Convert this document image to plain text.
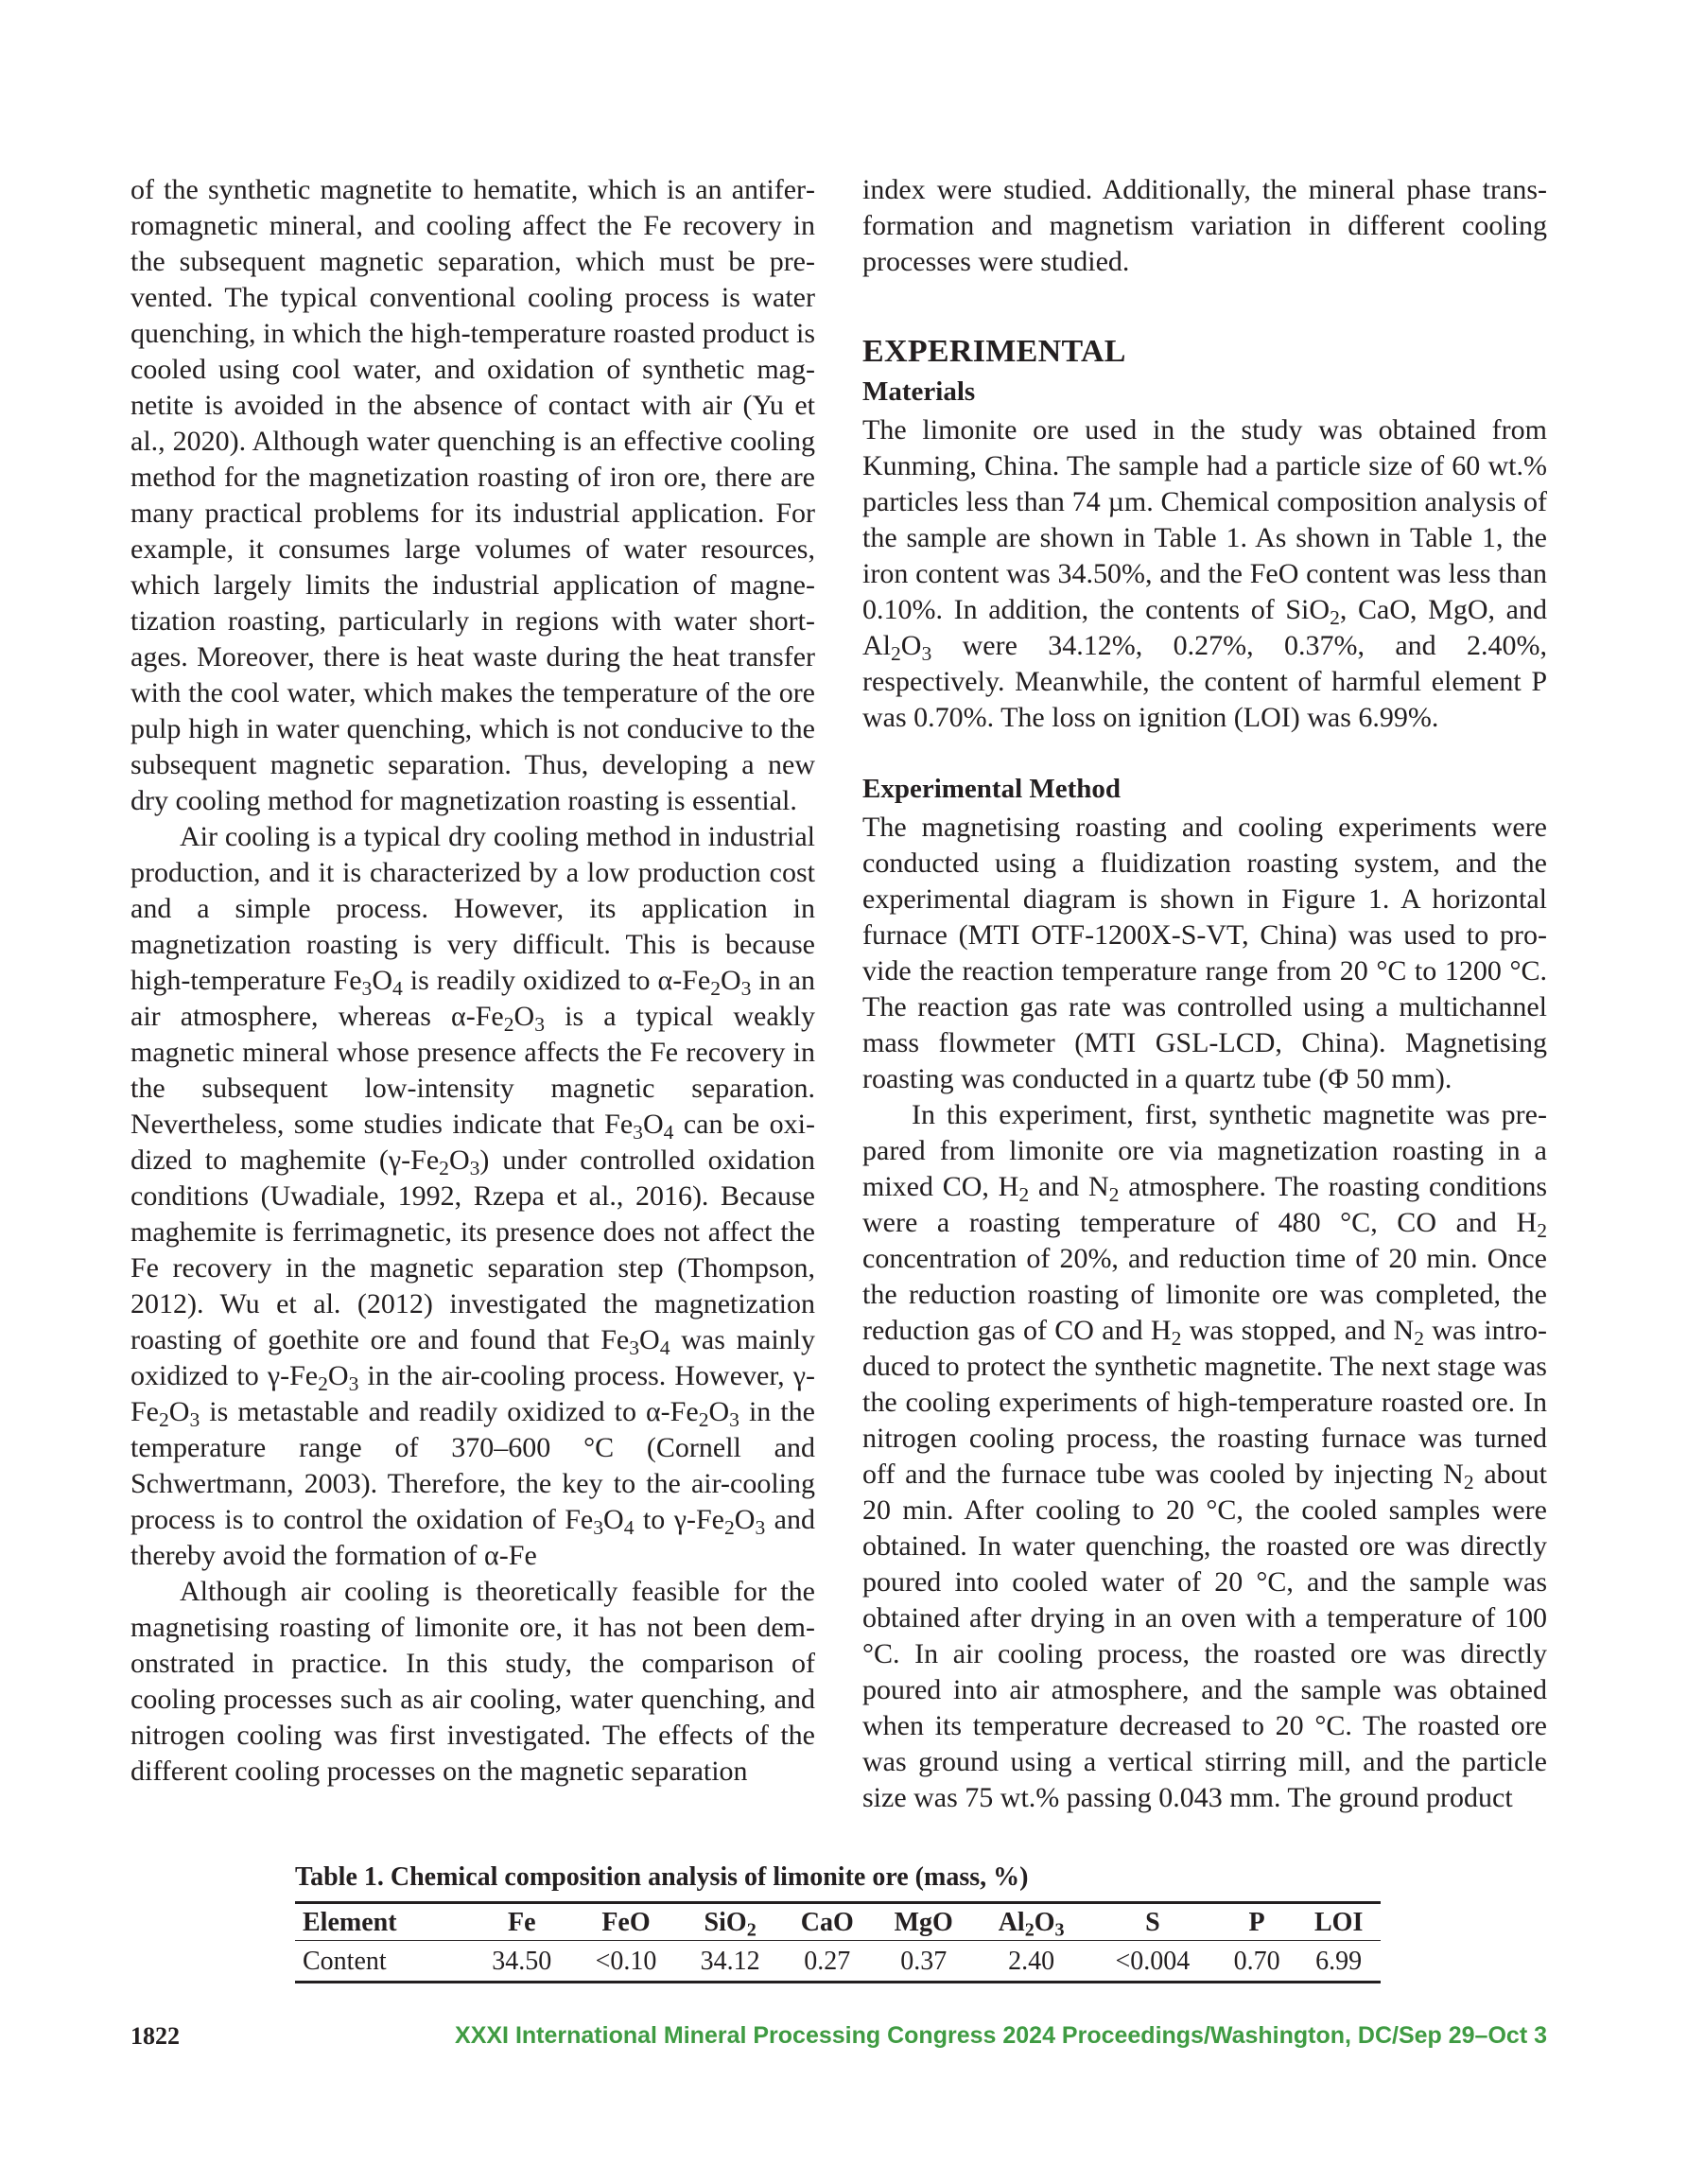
of the synthetic magnetite to hematite, which is an antiferromagnetic mineral, and cooling affect the Fe recovery in the subsequent magnetic separation, which must be prevented. The typical conventional cooling process is water quenching, in which the high-temperature roasted product is cooled using cool water, and oxidation of synthetic magnetite is avoided in the absence of contact with air (Yu et al., 2020). Although water quenching is an effective cooling method for the magnetization roasting of iron ore, there are many practical problems for its industrial application. For example, it consumes large volumes of water resources, which largely limits the industrial application of magnetization roasting, particularly in regions with water shortages. Moreover, there is heat waste during the heat transfer with the cool water, which makes the temperature of the ore pulp high in water quenching, which is not conducive to the subsequent magnetic separation. Thus, developing a new dry cooling method for magnetization roasting is essential.

Air cooling is a typical dry cooling method in industrial production, and it is characterized by a low production cost and a simple process. However, its application in magnetization roasting is very difficult. This is because high-temperature $Fe_3O_4$ is readily oxidized to $\alpha-Fe_2O_3$ in an air atmosphere, whereas $\alpha-Fe_2O_3$ is a typical weakly magnetic mineral whose presence affects the Fe recovery in the subsequent low-intensity magnetic separation. Nevertheless, some studies indicate that $Fe_3O_4$ can be oxidized to maghemite $(\gamma-Fe_2O_3)$ under controlled oxidation conditions (Uwadiale, 1992, Rzepa et al., 2016). Because maghemite is ferrimagnetic, its presence does not affect the Fe recovery in the magnetic separation step (Thompson, 2012). Wu et al. (2012) investigated the magnetization roasting of goethite ore and found that $Fe_3O_4$ was mainly oxidized to $\gamma-Fe_2O_3$ in the air-cooling process. However, $\gamma-Fe_2O_3$ is metastable and readily oxidized to $\alpha-Fe_2O_3$ in the temperature range of 370–600 °C (Cornell and Schwertmann, 2003). Therefore, the key to the air-cooling process is to control the oxidation of $Fe_3O_4$ to $\gamma-Fe_2O_3$ and thereby avoid the formation of α-Fe

Although air cooling is theoretically feasible for the magnetising roasting of limonite ore, it has not been demonstrated in practice. In this study, the comparison of cooling processes such as air cooling, water quenching, and nitrogen cooling was first investigated. The effects of the different cooling processes on the magnetic separation

index were studied. Additionally, the mineral phase transformation and magnetism variation in different cooling processes were studied.

EXPERIMENTAL
Materials

The limonite ore used in the study was obtained from Kunming, China. The sample had a particle size of 60 wt.% particles less than 74 µm. Chemical composition analysis of the sample are shown in Table 1. As shown in Table 1, the iron content was 34.50%, and the FeO content was less than 0.10%. In addition, the contents of SiO$_2$, CaO, MgO, and $Al_2O_3$ were 34.12%, 0.27%, 0.37%, and 2.40%, respectively. Meanwhile, the content of harmful element P was 0.70%. The loss on ignition (LOI) was 6.99%.

Experimental Method

The magnetising roasting and cooling experiments were conducted using a fluidization roasting system, and the experimental diagram is shown in Figure 1. A horizontal furnace (MTI OTF-1200X-S-VT, China) was used to provide the reaction temperature range from 20 °C to 1200 °C. The reaction gas rate was controlled using a multichannel mass flowmeter (MTI GSL-LCD, China). Magnetising roasting was conducted in a quartz tube (Φ 50 mm).

In this experiment, first, synthetic magnetite was prepared from limonite ore via magnetization roasting in a mixed CO, $H_2$ and $N_2$ atmosphere. The roasting conditions were a roasting temperature of 480 °C, CO and $H_2$ concentration of 20%, and reduction time of 20 min. Once the reduction roasting of limonite ore was completed, the reduction gas of CO and $H_2$ was stopped, and $N_2$ was introduced to protect the synthetic magnetite. The next stage was the cooling experiments of high-temperature roasted ore. In nitrogen cooling process, the roasting furnace was turned off and the furnace tube was cooled by injecting $N_2$ about 20 min. After cooling to 20 °C, the cooled samples were obtained. In water quenching, the roasted ore was directly poured into cooled water of 20 °C, and the sample was obtained after drying in an oven with a temperature of 100 °C. In air cooling process, the roasted ore was directly poured into air atmosphere, and the sample was obtained when its temperature decreased to 20 °C. The roasted ore was ground using a vertical stirring mill, and the particle size was 75 wt.% passing 0.043 mm. The ground product

Table 1. Chemical composition analysis of limonite ore (mass, %)
Element	Fe	FeO	SiO$_2$	CaO	MgO	$Al_2O_3$	S	P	LOI
Content	34.50	<0.10	34.12	0.27	0.37	2.40	<0.004	0.70	6.99
1822	XXXI International Mineral Processing Congress 2024 Proceedings/Washington, DC/Sep 29–Oct 3
